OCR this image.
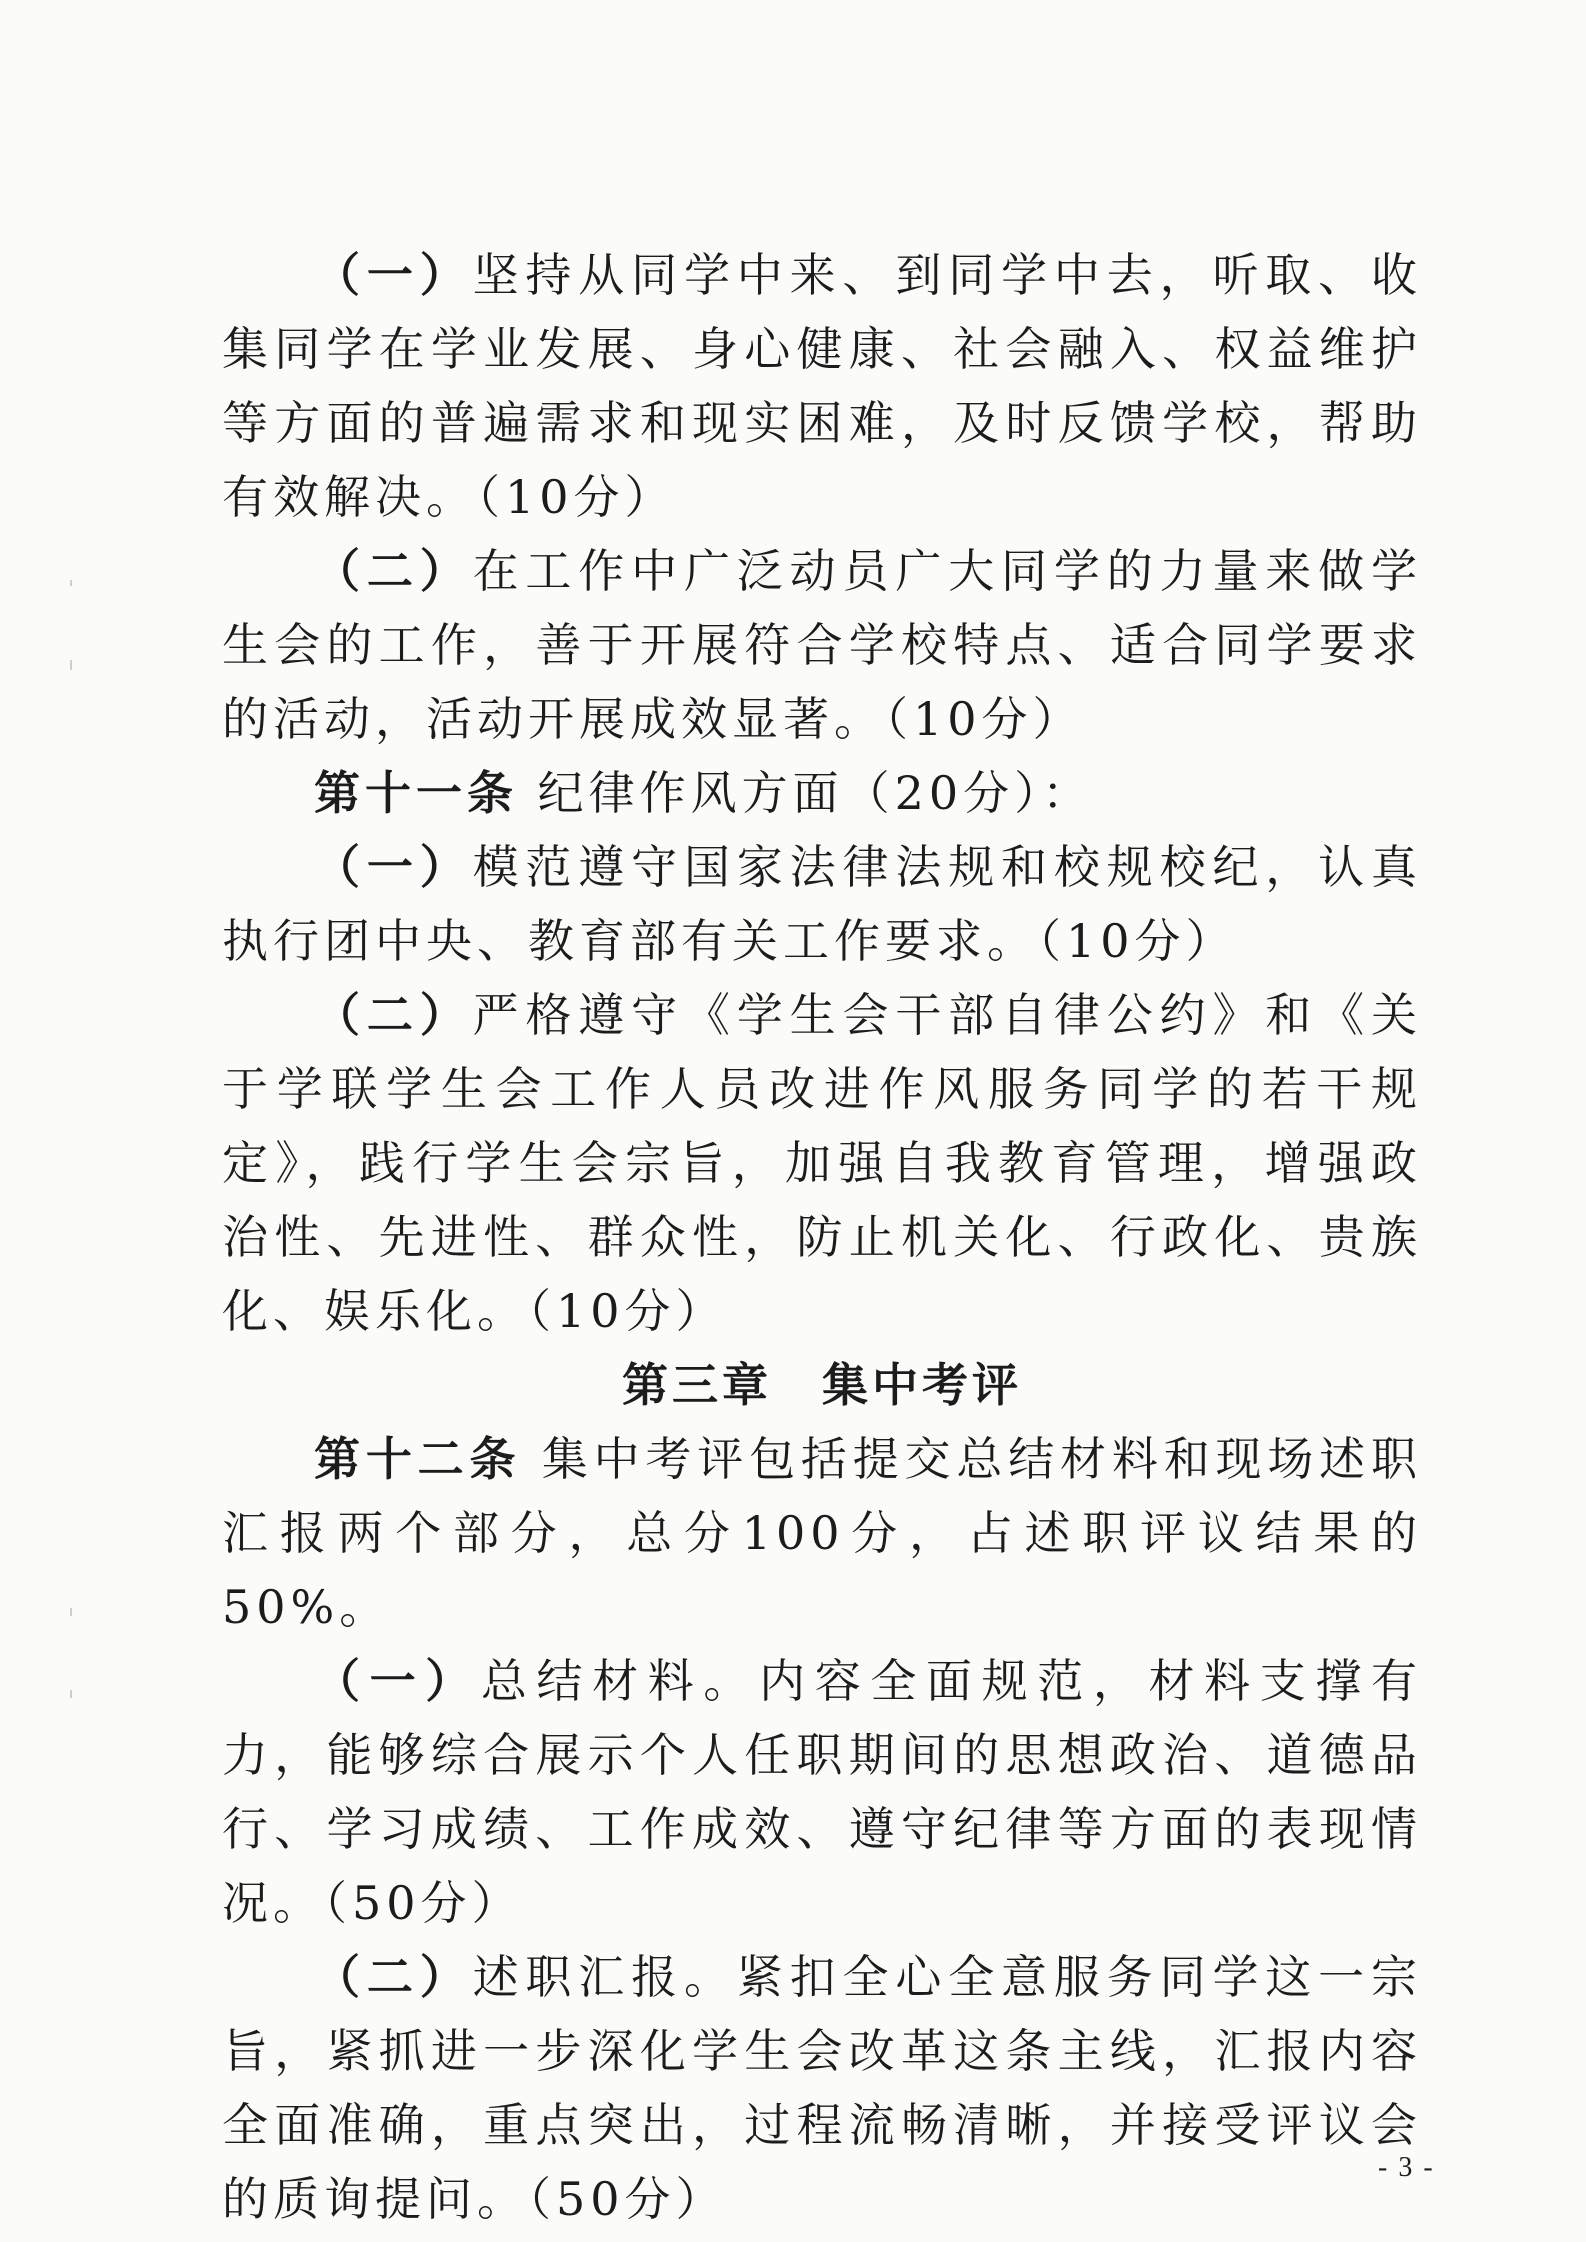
（一）坚持从同学中来、到同学中去，听取、收集同学在学业发展、身心健康、社会融入、权益维护等方面的普遍需求和现实困难，及时反馈学校，帮助有效解决。（10分）

（二）在工作中广泛动员广大同学的力量来做学生会的工作，善于开展符合学校特点、适合同学要求的活动，活动开展成效显著。（10分）

第十一条 纪律作风方面（20分）：

（一）模范遵守国家法律法规和校规校纪，认真执行团中央、教育部有关工作要求。（10分）

（二）严格遵守《学生会干部自律公约》和《关于学联学生会工作人员改进作风服务同学的若干规定》，践行学生会宗旨，加强自我教育管理，增强政治性、先进性、群众性，防止机关化、行政化、贵族化、娱乐化。（10分）

第三章 集中考评

第十二条 集中考评包括提交总结材料和现场述职汇报两个部分，总分100分，占述职评议结果的50%。

（一）总结材料。内容全面规范，材料支撑有力，能够综合展示个人任职期间的思想政治、道德品行、学习成绩、工作成效、遵守纪律等方面的表现情况。（50分）

（二）述职汇报。紧扣全心全意服务同学这一宗旨，紧抓进一步深化学生会改革这条主线，汇报内容全面准确，重点突出，过程流畅清晰，并接受评议会的质询提问。（50分）

- 3 -
